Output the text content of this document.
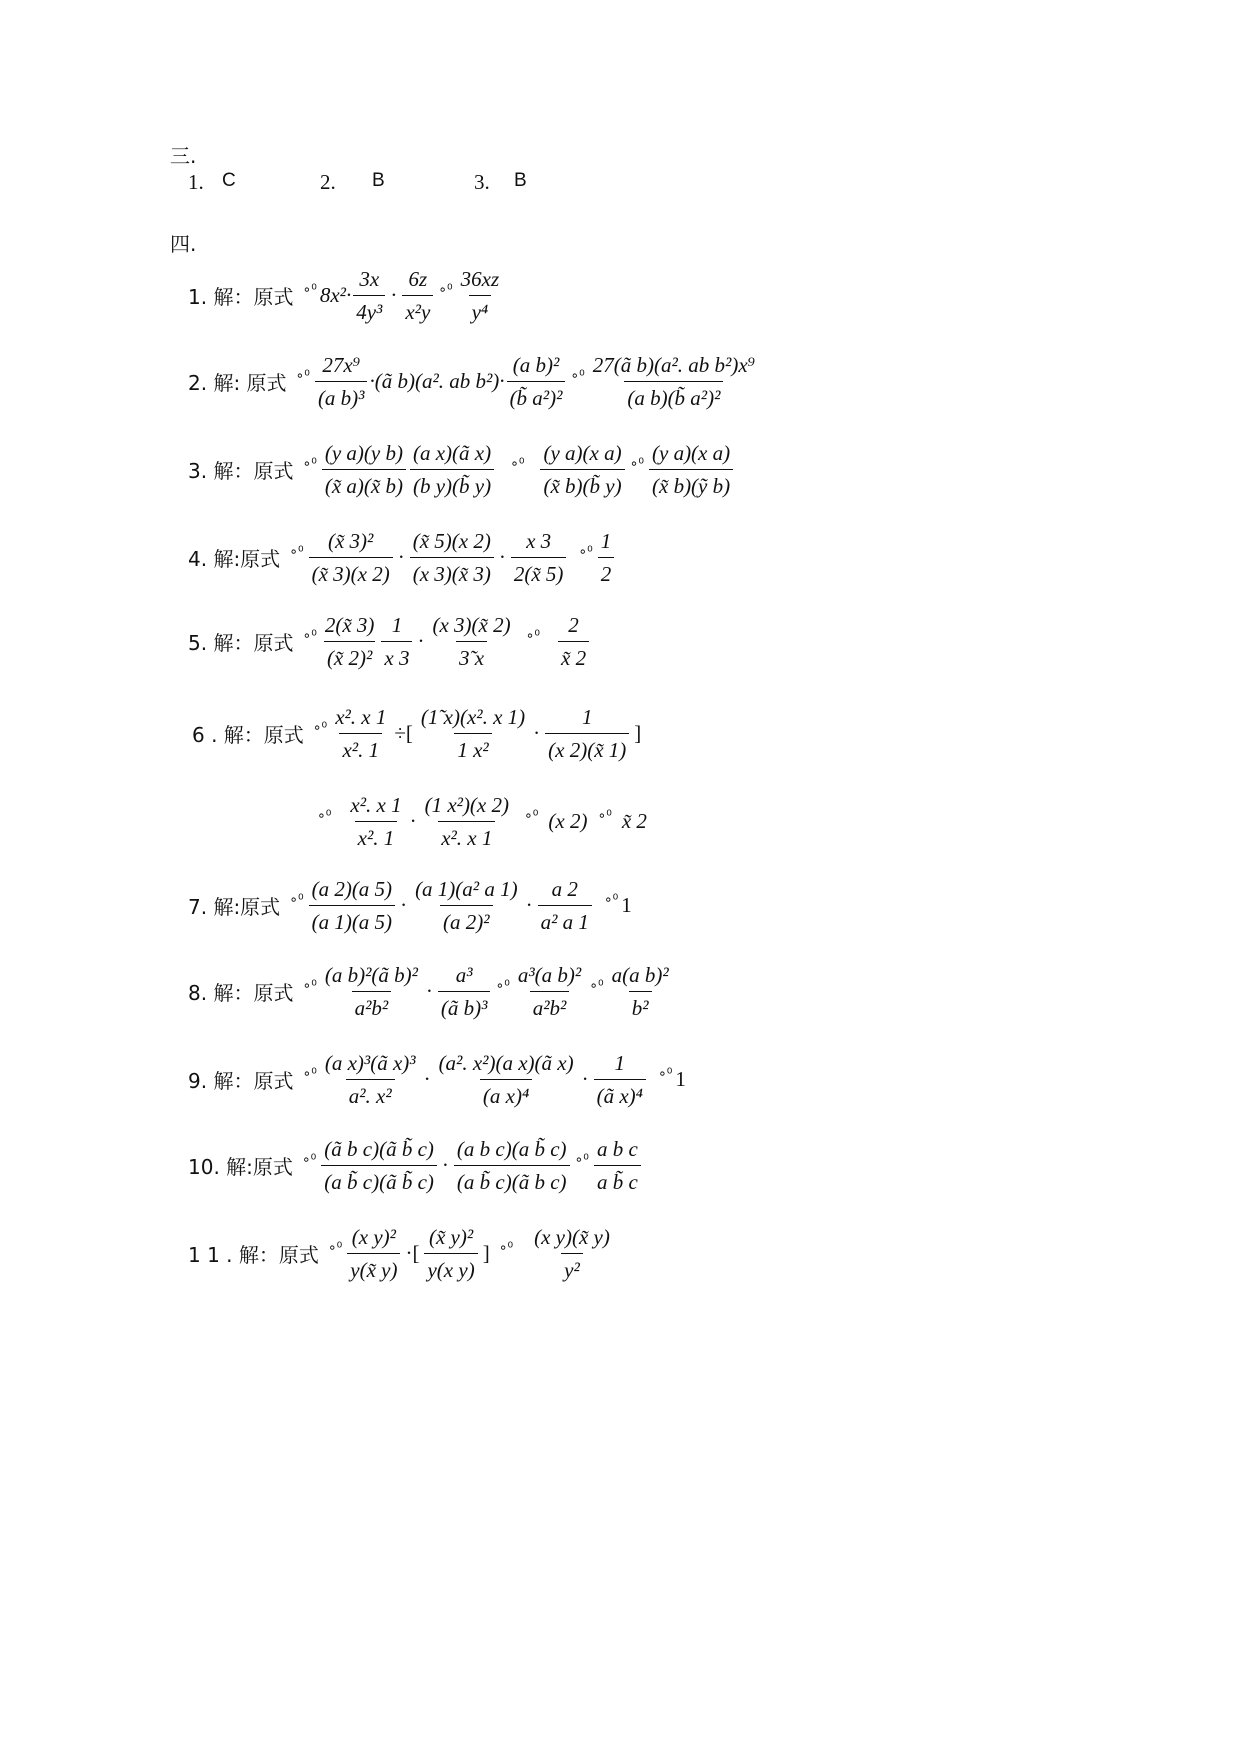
三.
1. C	2. B	3. B
四.
1. 解：原式 ∘⁰ $8x^2\cdot \frac{3x}{\text{4y³}} \cdot \frac{6z}{\text{x²y}}$ ∘⁰ $\frac{36xz}{\text{y⁴}}$
2. 解: 原式 ∘⁰ $\frac{\text{27x⁹}}{\text{(a b)³}}$ ·(ã b)(a². ab $b^2)\cdot \frac{\text{(a b)²}}{\text{(b̃ a²)²}}$ ∘⁰ $\frac{\text{27(ã b)(a². ab b²)x⁹}}{\text{(a b)(b̃ a²)²}}$
3. 解：原式 ∘⁰ $\frac{\text{(y a)(y b)}}{(x̃ a)(x̃ b)} \frac{\text{(a x)(ã x)}}{\text{(b y)(b̃ y)}}$ ∘⁰ $\frac{\text{(y a)(x a)}}{(x̃ b)(b̃ y)}$ ∘⁰ $\frac{\text{(y a)(x a)}}{\text{(x̃ b)(ỹ b)}}$
4. 解:原式 ∘⁰ $\frac{\text{(x̃ 3)²}}{(x̃ 3)(x 2)} \cdot \frac{(x̃ 5)(x 2)}{(x 3)(x̃ 3)} \cdot \frac{x 3}{2(x̃ 5)}$ ∘⁰ $\frac{1}{2}$
5. 解：原式 ∘⁰ $\frac{2(x̃ 3)}{\text{(x̃ 2)²}} \frac{1}{x 3} \cdot \frac{(x 3)(x̃ 2)}{3̃ x}$ ∘⁰ $\frac{2}{x̃ 2}$
6 . 解：原式 ∘⁰ $\frac{\text{x². x 1}}{\text{x². 1}}$ ÷[ $\frac{\text{(1̃ x)(x². x 1)}}{\text{1 x²}} \cdot \frac{1}{(x 2)(x̃ 1)}$ ]
∘⁰ $\frac{\text{x². x 1}}{\text{x². 1}} \cdot \frac{\text{(1 x²)(x 2)}}{\text{x². x 1}}$ ∘⁰ (x 2) ∘⁰ x̃ 2
7. 解:原式 ∘⁰ $\frac{(a 2)(a 5)}{(a 1)(a 5)} \cdot \frac{\text{(a 1)(a² a 1)}}{\text{(a 2)²}} \cdot \frac{a 2}{\text{a² a 1}}$ ∘⁰ 1
8. 解：原式 ∘⁰ $\frac{\text{(a b)²(ã b)²}}{\text{a²b²}} \cdot \frac{\text{a³}}{\text{(ã b)³}}$ ∘⁰ $\frac{\text{a³(a b)²}}{\text{a²b²}}$ ∘⁰ $\frac{\text{a(a b)²}}{\text{b²}}$
9. 解：原式 ∘⁰ $\frac{\text{(a x)³(ã x)³}}{\text{a². x²}} \cdot \frac{\text{(a². x²)(a x)(ã x)}}{\text{(a x)⁴}} \cdot \frac{1}{\text{(ã x)⁴}}$ ∘⁰ 1
10. 解:原式 ∘⁰ $\frac{\text{(ã b c)(ã b̃ c)}}{\text{(a b̃ c)(ã b̃ c)}} \cdot \frac{\text{(a b c)(a b̃ c)}}{\text{(a b̃ c)(ã b c)}}$ ∘⁰ $\frac{\text{a b c}}{\text{a b̃ c}}$
1 1 . 解：原式 ∘⁰ $\frac{\text{(x y)²}}{y(x̃ y)}$ ·[ $\frac{\text{(x̃ y)²}}{\text{y(x y)}}$ ] ∘⁰ $\frac{\text{(x y)(x̃ y)}}{\text{y²}}$
